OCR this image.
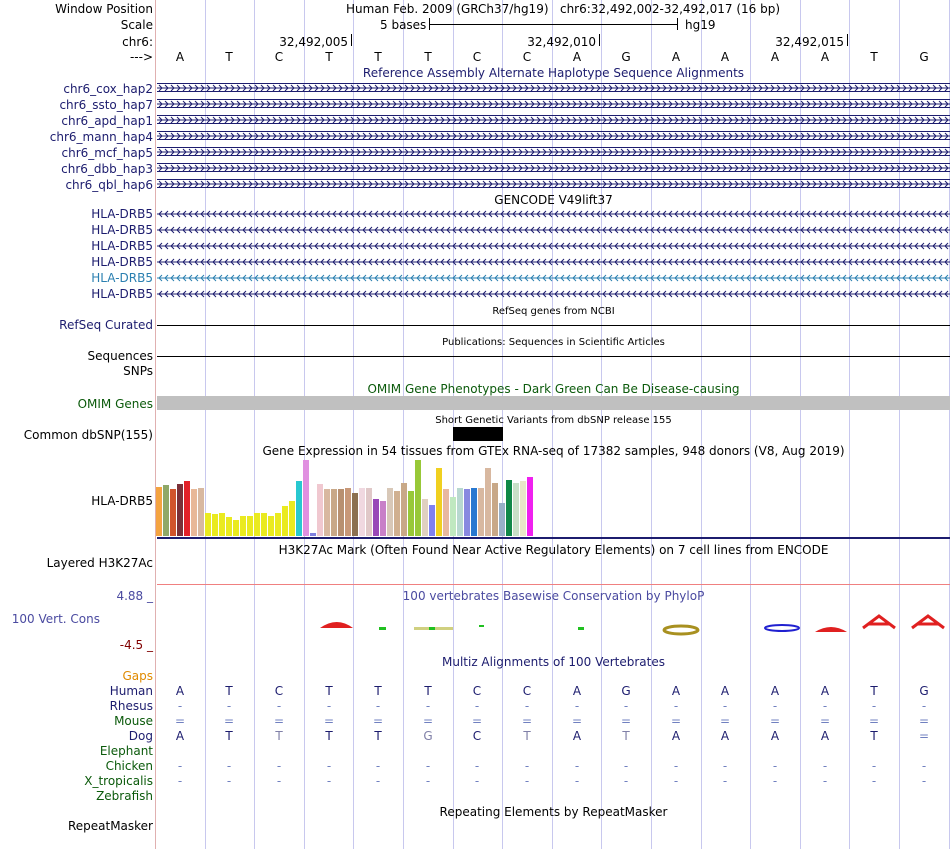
Window Position	Human Feb. 2009 (GRCh37/hg19) chr6:32,492,002-32,492,017 (16 bp)
Scale	5 bases	hg19
chr6:	32,492,005	32,492,010	32,492,015
---> A	T	C	T	T	T	C	C	A	G	A	A	A	A	T	G
Reference Assembly Alternate Haplotype Sequence Alignments
chr6_cox_hap2
chr6_ssto_hap7
chr6_apd_hap1
chr6_mann_hap4
chr6_mcf_hap5
chr6_dbb_hap3
chr6_qbl_hap6
GENCODE V49lift37
HLA-DRB5
HLA-DRB5
HLA-DRB5
HLA-DRB5
HLA-DRB5
HLA-DRB5
RefSeq genes from NCBI
RefSeq Curated
Publications: Sequences in Scientific Articles
Sequences
SNPs
OMIM Gene Phenotypes - Dark Green Can Be Disease-causing
OMIM Genes
Short Genetic Variants from dbSNP release 155
Common dbSNP(155)
Gene Expression in 54 tissues from GTEx RNA-seq of 17382 samples, 948 donors (V8, Aug 2019)
HLA-DRB5
H3K27Ac Mark (Often Found Near Active Regulatory Elements) on 7 cell lines from ENCODE
Layered H3K27Ac
100 vertebrates Basewise Conservation by PhyloP
4.88 _
100 Vert. Cons
-4.5 _
Multiz Alignments of 100 Vertebrates
Gaps
Human A	T	C	T	T	T	C	C	A	G	A	A	A	A	T	G
Rhesus	-	-	-	-	-	-	-	-	-	-	-	-	-	-	-	-
Mouse =	=	=	=	=	=	=	=	=	=	=	=	=	=	=	=
Dog A	T	T	T	T	G	C	T	A	T	A	A	A	A	T	=
Elephant
Chicken	-	-	-	-	-	-	-	-	-	-	-	-	-	-	-	-
X_tropicalis	-	-	-	-	-	-	-	-	-	-	-	-	-	-	-	-
Zebrafish
Repeating Elements by RepeatMasker
RepeatMasker
